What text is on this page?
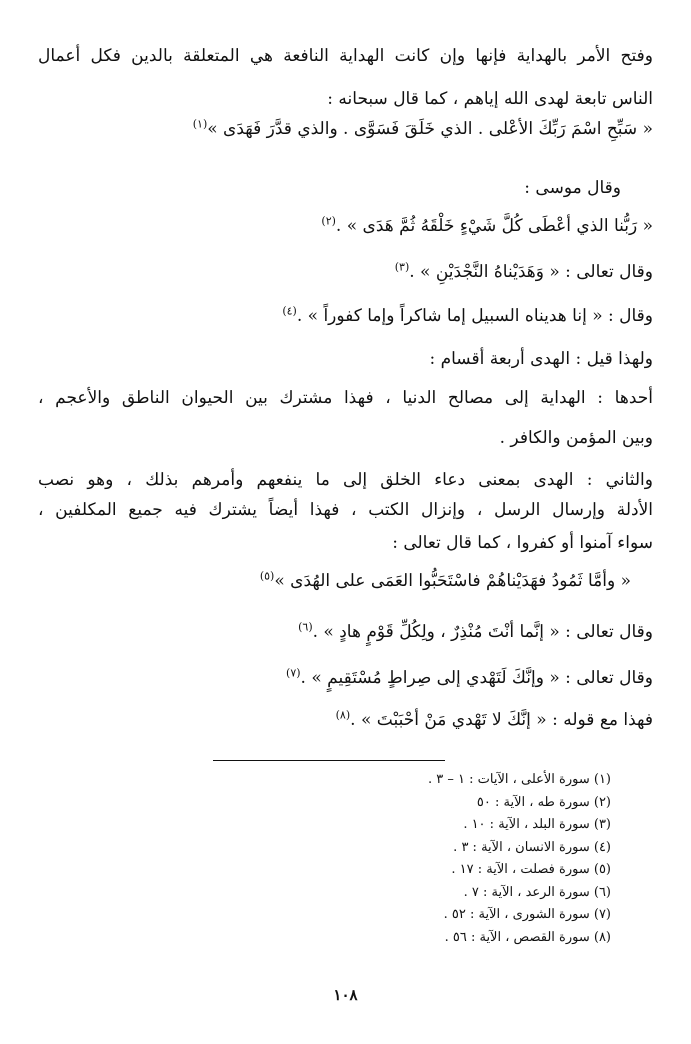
وفتح الأمر بالهداية فإنها وإن كانت الهداية النافعة هي المتعلقة بالدين فكل أعمال
الناس تابعة لهدى الله إياهم ، كما قال سبحانه :
« سَبِّحِ اسْمَ رَبِّكَ الأعْلى . الذي خَلَقَ فَسَوَّى . والذي قدَّرَ فَهَدَى »$^{(١)}$
وقال موسى :
« رَبُّنا الذي أعْطَى كُلَّ شَيْءٍ خَلْقَهُ ثُمَّ هَدَى » .$^{(٢)}$
وقال تعالى : « وَهَدَيْناهُ النَّجْدَيْنِ » .$^{(٣)}$
وقال : « إنا هديناه السبيل إما شاكراً وإما كفوراً » .$^{(٤)}$
ولهذا قيل : الهدى أربعة أقسام :
أحدها : الهداية إلى مصالح الدنيا ، فهذا مشترك بين الحيوان الناطق والأعجم ،
وبين المؤمن والكافر .
والثاني : الهدى بمعنى دعاء الخلق إلى ما ينفعهم وأمرهم بذلك ، وهو نصب
الأدلة وإرسال الرسل ، وإنزال الكتب ، فهذا أيضاً يشترك فيه جميع المكلفين ،
سواء آمنوا أو كفروا ، كما قال تعالى :
« وأمَّا ثَمُودُ فهَدَيْناهُمْ فاسْتَحَبُّوا العَمَى على الهُدَى »$^{(٥)}$
وقال تعالى : « إنَّما أنْتَ مُنْذِرٌ ، ولِكُلِّ قَوْمٍ هادٍ » .$^{(٦)}$
وقال تعالى : « وإنَّكَ لَتَهْدي إلى صِراطٍ مُسْتَقِيمٍ » .$^{(٧)}$
فهذا مع قوله : « إنَّكَ لا تَهْدي مَنْ أحْبَبْتَ » .$^{(٨)}$
(١) سورة الأعلى ، الآيات : ١ – ٣ .
(٢) سورة طه ، الآية : ٥٠
(٣) سورة البلد ، الآية : ١٠ .
(٤) سورة الانسان ، الآية : ٣ .
(٥) سورة فصلت ، الآية : ١٧ .
(٦) سورة الرعد ، الآية : ٧ .
(٧) سورة الشورى ، الآية : ٥٢ .
(٨) سورة القصص ، الآية : ٥٦ .
١٠٨
